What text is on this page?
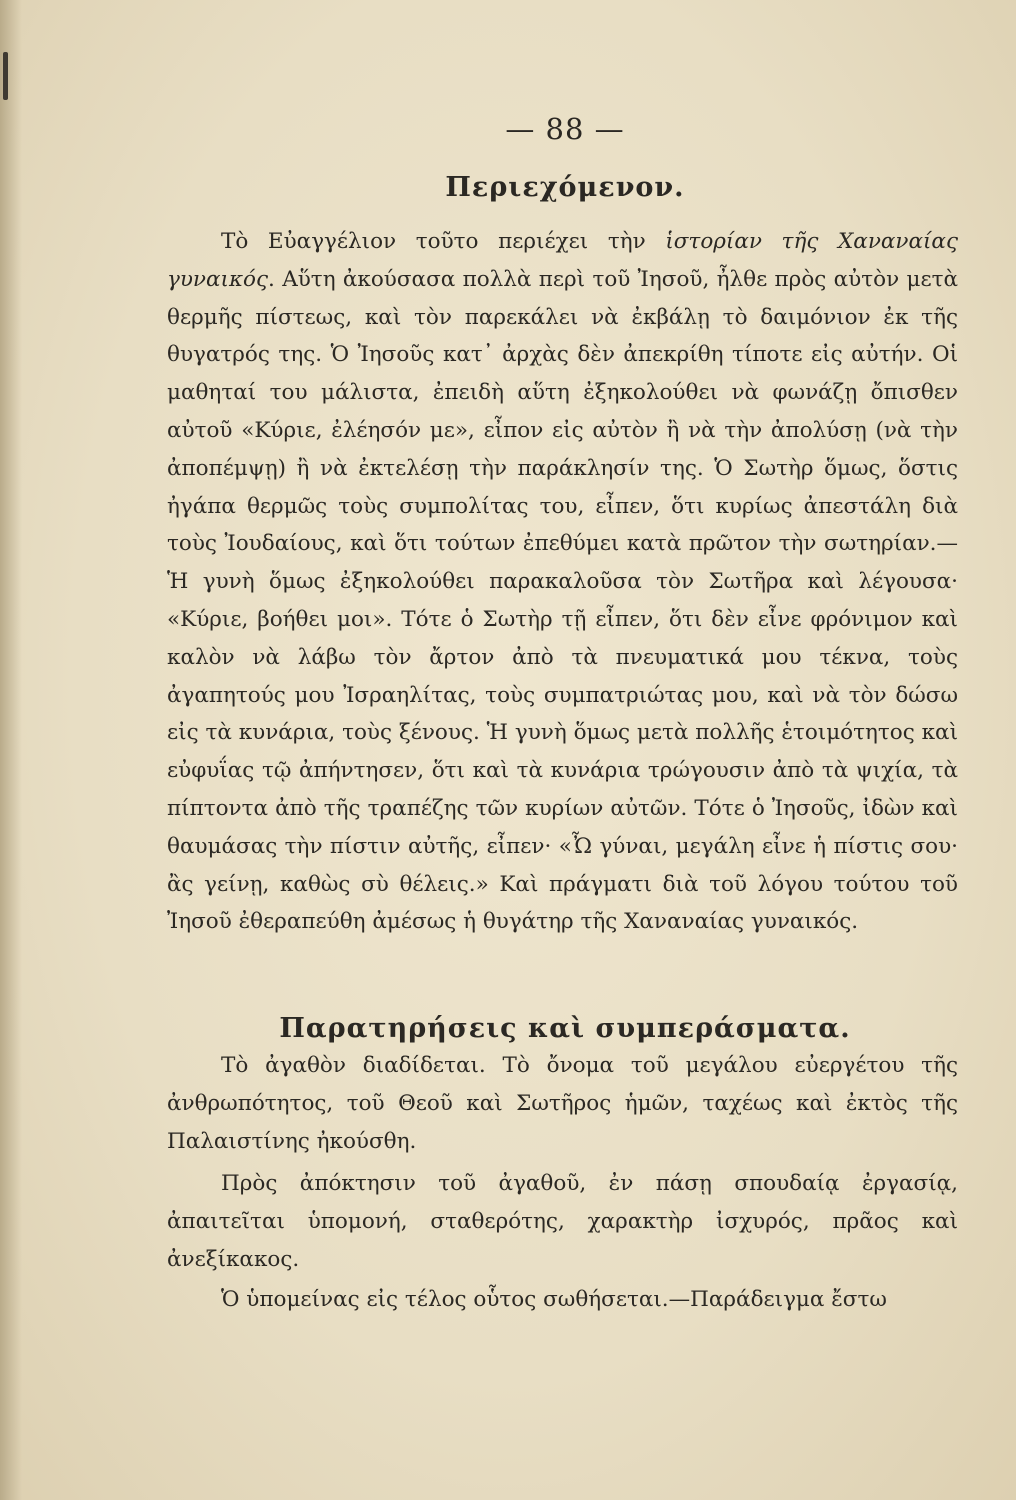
— 88 —
Περιεχόμενον.
Τὸ Εὐαγγέλιον τοῦτο περιέχει τὴν ἱστορίαν τῆς Χαναναίας γυναικός. Αὕτη ἀκούσασα πολλὰ περὶ τοῦ Ἰησοῦ, ἦλθε πρὸς αὐτὸν μετὰ θερμῆς πίστεως, καὶ τὸν παρεκάλει νὰ ἐκβάλῃ τὸ δαιμόνιον ἐκ τῆς θυγατρός της. Ὁ Ἰησοῦς κατ᾿ ἀρχὰς δὲν ἀπεκρίθη τίποτε εἰς αὐτήν. Οἱ μαθηταί του μάλιστα, ἐπειδὴ αὕτη ἐξηκολούθει νὰ φωνάζῃ ὄπισθεν αὐτοῦ «Κύριε, ἐλέησόν με», εἶπον εἰς αὐτὸν ἢ νὰ τὴν ἀπολύσῃ (νὰ τὴν ἀποπέμψῃ) ἢ νὰ ἐκτελέσῃ τὴν παράκλησίν της. Ὁ Σωτὴρ ὅμως, ὅστις ἠγάπα θερμῶς τοὺς συμπολίτας του, εἶπεν, ὅτι κυρίως ἀπεστάλη διὰ τοὺς Ἰουδαίους, καὶ ὅτι τούτων ἐπεθύμει κατὰ πρῶτον τὴν σωτηρίαν.—Ἡ γυνὴ ὅμως ἐξηκολούθει παρακαλοῦσα τὸν Σωτῆρα καὶ λέγουσα· «Κύριε, βοήθει μοι». Τότε ὁ Σωτὴρ τῇ εἶπεν, ὅτι δὲν εἶνε φρόνιμον καὶ καλὸν νὰ λάβω τὸν ἄρτον ἀπὸ τὰ πνευματικά μου τέκνα, τοὺς ἀγαπητούς μου Ἰσραηλίτας, τοὺς συμπατριώτας μου, καὶ νὰ τὸν δώσω εἰς τὰ κυνάρια, τοὺς ξένους. Ἡ γυνὴ ὅμως μετὰ πολλῆς ἑτοιμότητος καὶ εὐφυΐας τῷ ἀπήντησεν, ὅτι καὶ τὰ κυνάρια τρώγουσιν ἀπὸ τὰ ψιχία, τὰ πίπτοντα ἀπὸ τῆς τραπέζης τῶν κυρίων αὐτῶν. Τότε ὁ Ἰησοῦς, ἰδὼν καὶ θαυμάσας τὴν πίστιν αὐτῆς, εἶπεν· «Ὦ γύναι, μεγάλη εἶνε ἡ πίστις σου· ἂς γείνῃ, καθὼς σὺ θέλεις.» Καὶ πράγματι διὰ τοῦ λόγου τούτου τοῦ Ἰησοῦ ἐθεραπεύθη ἀμέσως ἡ θυγάτηρ τῆς Χαναναίας γυναικός.
Παρατηρήσεις καὶ συμπεράσματα.
Τὸ ἀγαθὸν διαδίδεται. Τὸ ὄνομα τοῦ μεγάλου εὐεργέτου τῆς ἀνθρωπότητος, τοῦ Θεοῦ καὶ Σωτῆρος ἡμῶν, ταχέως καὶ ἐκτὸς τῆς Παλαιστίνης ἠκούσθη.
Πρὸς ἀπόκτησιν τοῦ ἀγαθοῦ, ἐν πάσῃ σπουδαίᾳ ἐργασίᾳ, ἀπαιτεῖται ὑπομονή, σταθερότης, χαρακτὴρ ἰσχυρός, πρᾶος καὶ ἀνεξίκακος.
Ὁ ὑπομείνας εἰς τέλος οὗτος σωθήσεται.—Παράδειγμα ἔστω
